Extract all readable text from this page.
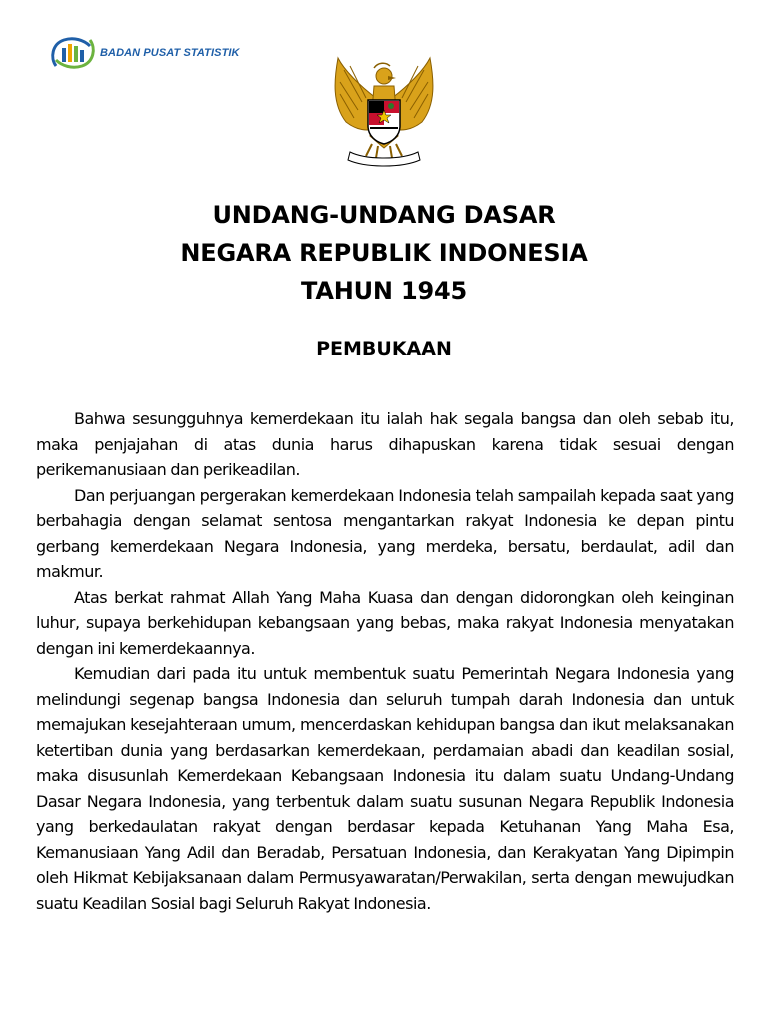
BADAN PUSAT STATISTIK
UNDANG-UNDANG DASAR
NEGARA REPUBLIK INDONESIA
TAHUN 1945
PEMBUKAAN

Bahwa sesungguhnya kemerdekaan itu ialah hak segala bangsa dan oleh sebab itu, maka penjajahan di atas dunia harus dihapuskan karena tidak sesuai dengan perikemanusiaan dan perikeadilan.

Dan perjuangan pergerakan kemerdekaan Indonesia telah sampailah kepada saat yang berbahagia dengan selamat sentosa mengantarkan rakyat Indonesia ke depan pintu gerbang kemerdekaan Negara Indonesia, yang merdeka, bersatu, berdaulat, adil dan makmur.

Atas berkat rahmat Allah Yang Maha Kuasa dan dengan didorongkan oleh keinginan luhur, supaya berkehidupan kebangsaan yang bebas, maka rakyat Indonesia menyatakan dengan ini kemerdekaannya.

Kemudian dari pada itu untuk membentuk suatu Pemerintah Negara Indonesia yang melindungi segenap bangsa Indonesia dan seluruh tumpah darah Indonesia dan untuk memajukan kesejahteraan umum, mencerdaskan kehidupan bangsa dan ikut melaksanakan ketertiban dunia yang berdasarkan kemerdekaan, perdamaian abadi dan keadilan sosial, maka disusunlah Kemerdekaan Kebangsaan Indonesia itu dalam suatu Undang-Undang Dasar Negara Indonesia, yang terbentuk dalam suatu susunan Negara Republik Indonesia yang berkedaulatan rakyat dengan berdasar kepada Ketuhanan Yang Maha Esa, Kemanusiaan Yang Adil dan Beradab, Persatuan Indonesia, dan Kerakyatan Yang Dipimpin oleh Hikmat Kebijaksanaan dalam Permusyawaratan/Perwakilan, serta dengan mewujudkan suatu Keadilan Sosial bagi Seluruh Rakyat Indonesia.
